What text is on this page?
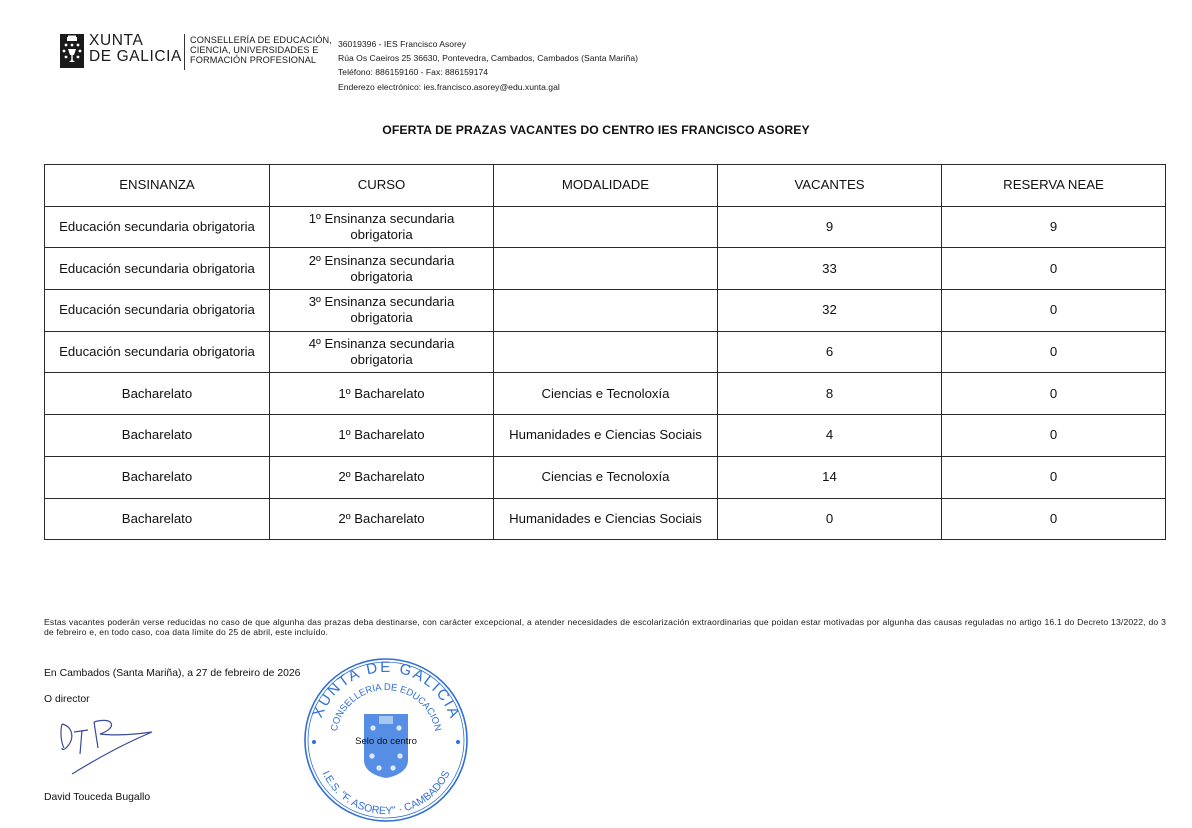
XUNTA
DE GALICIA
CONSELLERÍA DE EDUCACIÓN,
CIENCIA, UNIVERSIDADES E
FORMACIÓN PROFESIONAL
36019396 - IES Francisco Asorey
Rúa Os Caeiros 25 36630, Pontevedra, Cambados, Cambados (Santa Mariña)
Teléfono: 886159160 - Fax: 886159174
Enderezo electrónico: ies.francisco.asorey@edu.xunta.gal
OFERTA DE PRAZAS VACANTES DO CENTRO IES FRANCISCO ASOREY
ENSINANZA	CURSO	MODALIDADE	VACANTES	RESERVA NEAE
Educación secundaria obrigatoria	1º Ensinanza secundaria obrigatoria		9	9
Educación secundaria obrigatoria	2º Ensinanza secundaria obrigatoria		33	0
Educación secundaria obrigatoria	3º Ensinanza secundaria obrigatoria		32	0
Educación secundaria obrigatoria	4º Ensinanza secundaria obrigatoria		6	0
Bacharelato	1º Bacharelato	Ciencias e Tecnoloxía	8	0
Bacharelato	1º Bacharelato	Humanidades e Ciencias Sociais	4	0
Bacharelato	2º Bacharelato	Ciencias e Tecnoloxía	14	0
Bacharelato	2º Bacharelato	Humanidades e Ciencias Sociais	0	0
Estas vacantes poderán verse reducidas no caso de que algunha das prazas deba destinarse, con carácter excepcional, a atender necesidades de escolarización extraordinarias que poidan estar motivadas por algunha das causas reguladas no artigo 16.1 do Decreto 13/2022, do 3 de febreiro e, en todo caso, coa data límite do 25 de abril, este incluído.
En Cambados (Santa Mariña), a 27 de febreiro de 2026
O director
XUNTA DE GALICIA
CONSELLERIA DE EDUCACION
I.E.S. "F. ASOREY" · CAMBADOS
Selo do centro
David Touceda Bugallo
